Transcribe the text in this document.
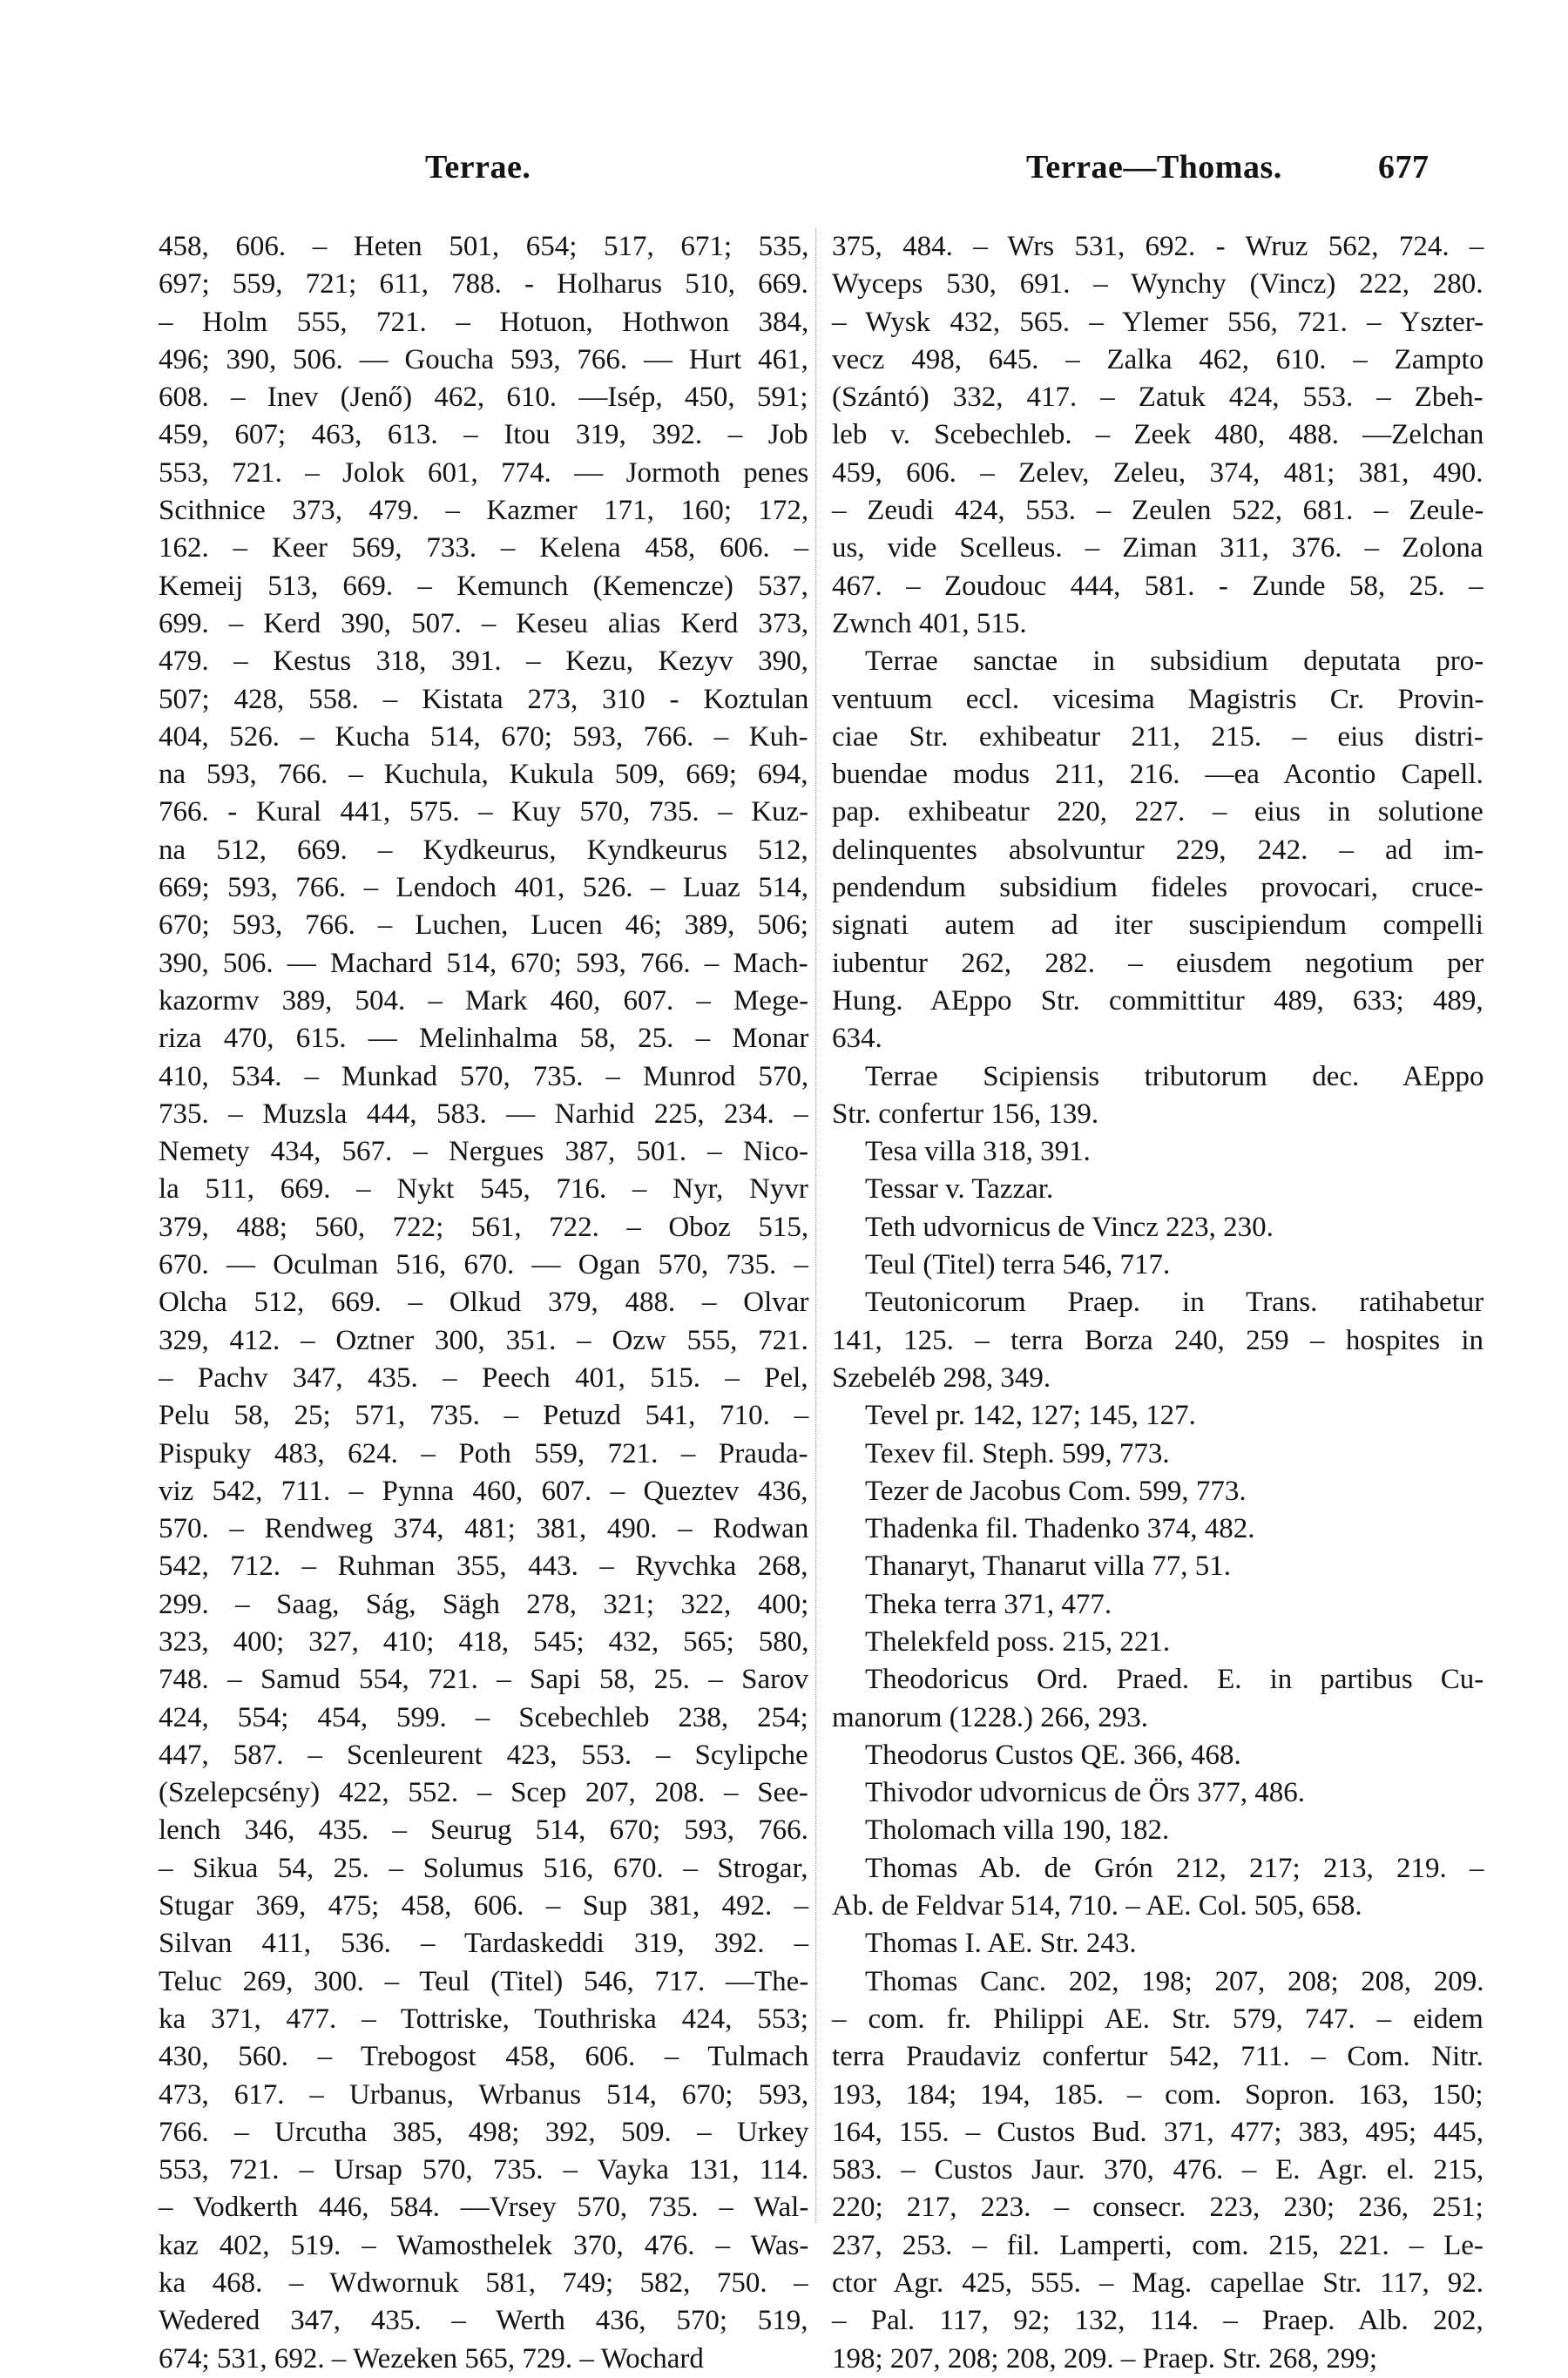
Terrae.	Terrae—Thomas.	677
458, 606. – Heten 501, 654; 517, 671; 535,
697; 559, 721; 611, 788. - Holharus 510, 669.
– Holm 555, 721. – Hotuon, Hothwon 384,
496; 390, 506. — Goucha 593, 766. — Hurt 461,
608. – Inev (Jenő) 462, 610. —Isép, 450, 591;
459, 607; 463, 613. – Itou 319, 392. – Job
553, 721. – Jolok 601, 774. — Jormoth penes
Scithnice 373, 479. – Kazmer 171, 160; 172,
162. – Keer 569, 733. – Kelena 458, 606. –
Kemeij 513, 669. – Kemunch (Kemencze) 537,
699. – Kerd 390, 507. – Keseu alias Kerd 373,
479. – Kestus 318, 391. – Kezu, Kezyv 390,
507; 428, 558. – Kistata 273, 310 - Koztulan
404, 526. – Kucha 514, 670; 593, 766. – Kuh-
na 593, 766. – Kuchula, Kukula 509, 669; 694,
766. - Kural 441, 575. – Kuy 570, 735. – Kuz-
na 512, 669. – Kydkeurus, Kyndkeurus 512,
669; 593, 766. – Lendoch 401, 526. – Luaz 514,
670; 593, 766. – Luchen, Lucen 46; 389, 506;
390, 506. — Machard 514, 670; 593, 766. – Mach-
kazormv 389, 504. – Mark 460, 607. – Mege-
riza 470, 615. — Melinhalma 58, 25. – Monar
410, 534. – Munkad 570, 735. – Munrod 570,
735. – Muzsla 444, 583. — Narhid 225, 234. –
Nemety 434, 567. – Nergues 387, 501. – Nico-
la 511, 669. – Nykt 545, 716. – Nyr, Nyvr
379, 488; 560, 722; 561, 722. – Oboz 515,
670. — Oculman 516, 670. — Ogan 570, 735. –
Olcha 512, 669. – Olkud 379, 488. – Olvar
329, 412. – Oztner 300, 351. – Ozw 555, 721.
– Pachv 347, 435. – Peech 401, 515. – Pel,
Pelu 58, 25; 571, 735. – Petuzd 541, 710. –
Pispuky 483, 624. – Poth 559, 721. – Prauda-
viz 542, 711. – Pynna 460, 607. – Queztev 436,
570. – Rendweg 374, 481; 381, 490. – Rodwan
542, 712. – Ruhman 355, 443. – Ryvchka 268,
299. – Saag, Ság, Sägh 278, 321; 322, 400;
323, 400; 327, 410; 418, 545; 432, 565; 580,
748. – Samud 554, 721. – Sapi 58, 25. – Sarov
424, 554; 454, 599. – Scebechleb 238, 254;
447, 587. – Scenleurent 423, 553. – Scylipche
(Szelepcsény) 422, 552. – Scep 207, 208. – See-
lench 346, 435. – Seurug 514, 670; 593, 766.
– Sikua 54, 25. – Solumus 516, 670. – Strogar,
Stugar 369, 475; 458, 606. – Sup 381, 492. –
Silvan 411, 536. – Tardaskeddi 319, 392. –
Teluc 269, 300. – Teul (Titel) 546, 717. —The-
ka 371, 477. – Tottriske, Touthriska 424, 553;
430, 560. – Trebogost 458, 606. – Tulmach
473, 617. – Urbanus, Wrbanus 514, 670; 593,
766. – Urcutha 385, 498; 392, 509. – Urkey
553, 721. – Ursap 570, 735. – Vayka 131, 114.
– Vodkerth 446, 584. —Vrsey 570, 735. – Wal-
kaz 402, 519. – Wamosthelek 370, 476. – Was-
ka 468. – Wdwornuk 581, 749; 582, 750. –
Wedered 347, 435. – Werth 436, 570; 519,
674; 531, 692. – Wezeken 565, 729. – Wochard
375, 484. – Wrs 531, 692. - Wruz 562, 724. –
Wyceps 530, 691. – Wynchy (Vincz) 222, 280.
– Wysk 432, 565. – Ylemer 556, 721. – Yszter-
vecz 498, 645. – Zalka 462, 610. – Zampto
(Szántó) 332, 417. – Zatuk 424, 553. – Zbeh-
leb v. Scebechleb. – Zeek 480, 488. —Zelchan
459, 606. – Zelev, Zeleu, 374, 481; 381, 490.
– Zeudi 424, 553. – Zeulen 522, 681. – Zeule-
us, vide Scelleus. – Ziman 311, 376. – Zolona
467. – Zoudouc 444, 581. - Zunde 58, 25. –
Zwnch 401, 515.
Terrae sanctae in subsidium deputata pro-
ventuum eccl. vicesima Magistris Cr. Provin-
ciae Str. exhibeatur 211, 215. – eius distri-
buendae modus 211, 216. —ea Acontio Capell.
pap. exhibeatur 220, 227. – eius in solutione
delinquentes absolvuntur 229, 242. – ad im-
pendendum subsidium fideles provocari, cruce-
signati autem ad iter suscipiendum compelli
iubentur 262, 282. – eiusdem negotium per
Hung. AEppo Str. committitur 489, 633; 489,
634.
Terrae Scipiensis tributorum dec. AEppo
Str. confertur 156, 139.
Tesa villa 318, 391.
Tessar v. Tazzar.
Teth udvornicus de Vincz 223, 230.
Teul (Titel) terra 546, 717.
Teutonicorum Praep. in Trans. ratihabetur
141, 125. – terra Borza 240, 259 – hospites in
Szebeléb 298, 349.
Tevel pr. 142, 127; 145, 127.
Texev fil. Steph. 599, 773.
Tezer de Jacobus Com. 599, 773.
Thadenka fil. Thadenko 374, 482.
Thanaryt, Thanarut villa 77, 51.
Theka terra 371, 477.
Thelekfeld poss. 215, 221.
Theodoricus Ord. Praed. E. in partibus Cu-
manorum (1228.) 266, 293.
Theodorus Custos QE. 366, 468.
Thivodor udvornicus de Örs 377, 486.
Tholomach villa 190, 182.
Thomas Ab. de Grón 212, 217; 213, 219. –
Ab. de Feldvar 514, 710. – AE. Col. 505, 658.
Thomas I. AE. Str. 243.
Thomas Canc. 202, 198; 207, 208; 208, 209.
– com. fr. Philippi AE. Str. 579, 747. – eidem
terra Praudaviz confertur 542, 711. – Com. Nitr.
193, 184; 194, 185. – com. Sopron. 163, 150;
164, 155. – Custos Bud. 371, 477; 383, 495; 445,
583. – Custos Jaur. 370, 476. – E. Agr. el. 215,
220; 217, 223. – consecr. 223, 230; 236, 251;
237, 253. – fil. Lamperti, com. 215, 221. – Le-
ctor Agr. 425, 555. – Mag. capellae Str. 117, 92.
– Pal. 117, 92; 132, 114. – Praep. Alb. 202,
198; 207, 208; 208, 209. – Praep. Str. 268, 299;
